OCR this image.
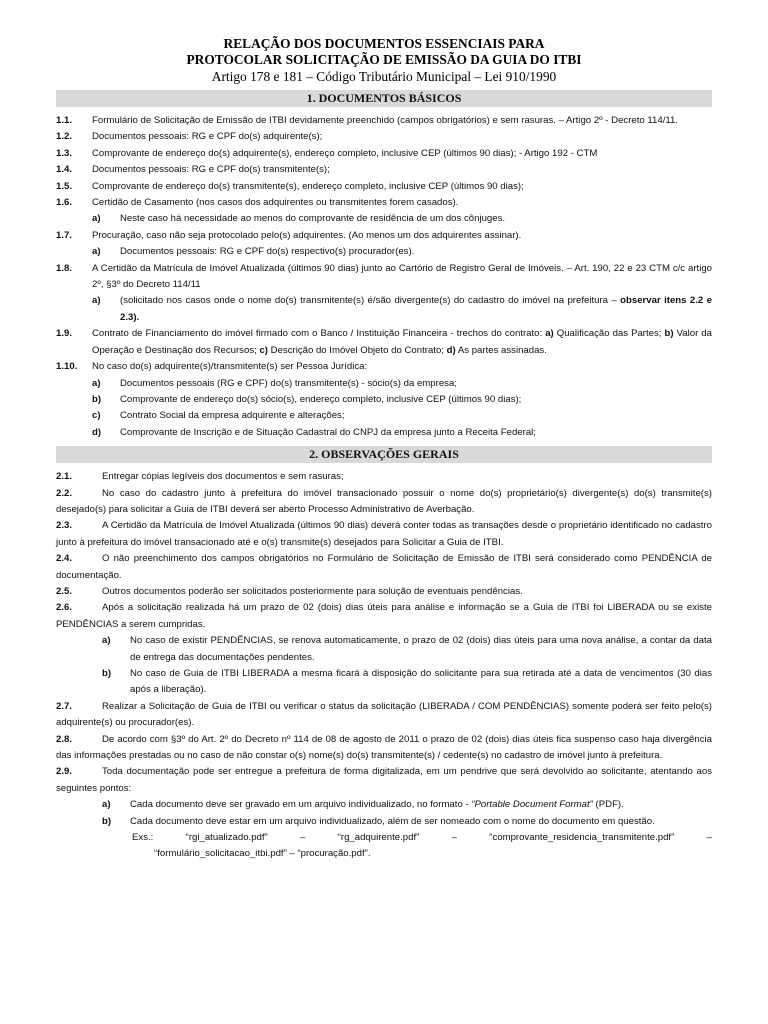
RELAÇÃO DOS DOCUMENTOS ESSENCIAIS PARA
PROTOCOLAR SOLICITAÇÃO DE EMISSÃO DA GUIA DO ITBI
Artigo 178 e 181 – Código Tributário Municipal – Lei 910/1990
1. DOCUMENTOS BÁSICOS
1.1.	Formulário de Solicitação de Emissão de ITBI devidamente preenchido (campos obrigatórios) e sem rasuras. – Artigo 2º - Decreto 114/11.
1.2.	Documentos pessoais: RG e CPF do(s) adquirente(s);
1.3.	Comprovante de endereço do(s) adquirente(s), endereço completo, inclusive CEP (últimos 90 dias); - Artigo 192 - CTM
1.4.	Documentos pessoais: RG e CPF do(s) transmitente(s);
1.5.	Comprovante de endereço do(s) transmitente(s), endereço completo, inclusive CEP (últimos 90 dias);
1.6.	Certidão de Casamento (nos casos dos adquirentes ou transmitentes forem casados).
a)	Neste caso há necessidade ao menos do comprovante de residência de um dos cônjuges.
1.7.	Procuração, caso não seja protocolado pelo(s) adquirentes. (Ao menos um dos adquirentes assinar).
a)	Documentos pessoais: RG e CPF do(s) respectivo(s) procurador(es).
1.8.	A Certidão da Matrícula de Imóvel Atualizada (últimos 90 dias) junto ao Cartório de Registro Geral de Imóveis. – Art. 190, 22 e 23 CTM c/c artigo 2º, §3º do Decreto 114/11
a)	(solicitado nos casos onde o nome do(s) transmitente(s) é/são divergente(s) do cadastro do imóvel na prefeitura – observar itens 2.2 e 2.3).
1.9.	Contrato de Financiamento do imóvel firmado com o Banco / Instituição Financeira - trechos do contrato: a) Qualificação das Partes; b) Valor da Operação e Destinação dos Recursos; c) Descrição do Imóvel Objeto do Contrato; d) As partes assinadas.
1.10.	No caso do(s) adquirente(s)/transmitente(s) ser Pessoa Jurídica:
a)	Documentos pessoais (RG e CPF) do(s) transmitente(s) - sócio(s) da empresa;
b)	Comprovante de endereço do(s) sócio(s), endereço completo, inclusive CEP (últimos 90 dias);
c)	Contrato Social da empresa adquirente e alterações;
d)	Comprovante de Inscrição e de Situação Cadastral do CNPJ da empresa junto a Receita Federal;
2. OBSERVAÇÕES GERAIS
2.1.	Entregar cópias legíveis dos documentos e sem rasuras;
2.2.	No caso do cadastro junto à prefeitura do imóvel transacionado possuir o nome do(s) proprietário(s) divergente(s) do(s) transmite(s) desejado(s) para solicitar a Guia de ITBI deverá ser aberto Processo Administrativo de Averbação.
2.3.	A Certidão da Matrícula de Imóvel Atualizada (últimos 90 dias) deverá conter todas as transações desde o proprietário identificado no cadastro junto à prefeitura do imóvel transacionado até e o(s) transmite(s) desejados para Solicitar a Guia de ITBI.
2.4.	O não preenchimento dos campos obrigatórios no Formulário de Solicitação de Emissão de ITBI será considerado como PENDÊNCIA de documentação.
2.5.	Outros documentos poderão ser solicitados posteriormente para solução de eventuais pendências.
2.6.	Após a solicitação realizada há um prazo de 02 (dois) dias úteis para análise e informação se a Guia de ITBI foi LIBERADA ou se existe PENDÊNCIAS a serem cumpridas.
a)	No caso de existir PENDÊNCIAS, se renova automaticamente, o prazo de 02 (dois) dias úteis para uma nova análise, a contar da data de entrega das documentações pendentes.
b)	No caso de Guia de ITBI LIBERADA a mesma ficará à disposição do solicitante para sua retirada até a data de vencimentos (30 dias após a liberação).
2.7.	Realizar a Solicitação de Guia de ITBI ou verificar o status da solicitação (LIBERADA / COM PENDÊNCIAS) somente poderá ser feito pelo(s) adquirente(s) ou procurador(es).
2.8.	De acordo com §3º do Art. 2º do Decreto nº 114 de 08 de agosto de 2011 o prazo de 02 (dois) dias úteis fica suspenso caso haja divergência das informações prestadas ou no caso de não constar o(s) nome(s) do(s) transmitente(s) / cedente(s) no cadastro de imóvel junto à prefeitura.
2.9.	Toda documentação pode ser entregue a prefeitura de forma digitalizada, em um pendrive que será devolvido ao solicitante, atentando aos seguintes pontos:
a)	Cada documento deve ser gravado em um arquivo individualizado, no formato - “Portable Document Format” (PDF).
b)	Cada documento deve estar em um arquivo individualizado, além de ser nomeado com o nome do documento em questão.
Exs.:	“rgi_atualizado.pdf”	–	“rg_adquirente.pdf”	–	“comprovante_residencia_transmitente.pdf”	–
“formulário_solicitacao_itbi.pdf” – “procuração.pdf”.
